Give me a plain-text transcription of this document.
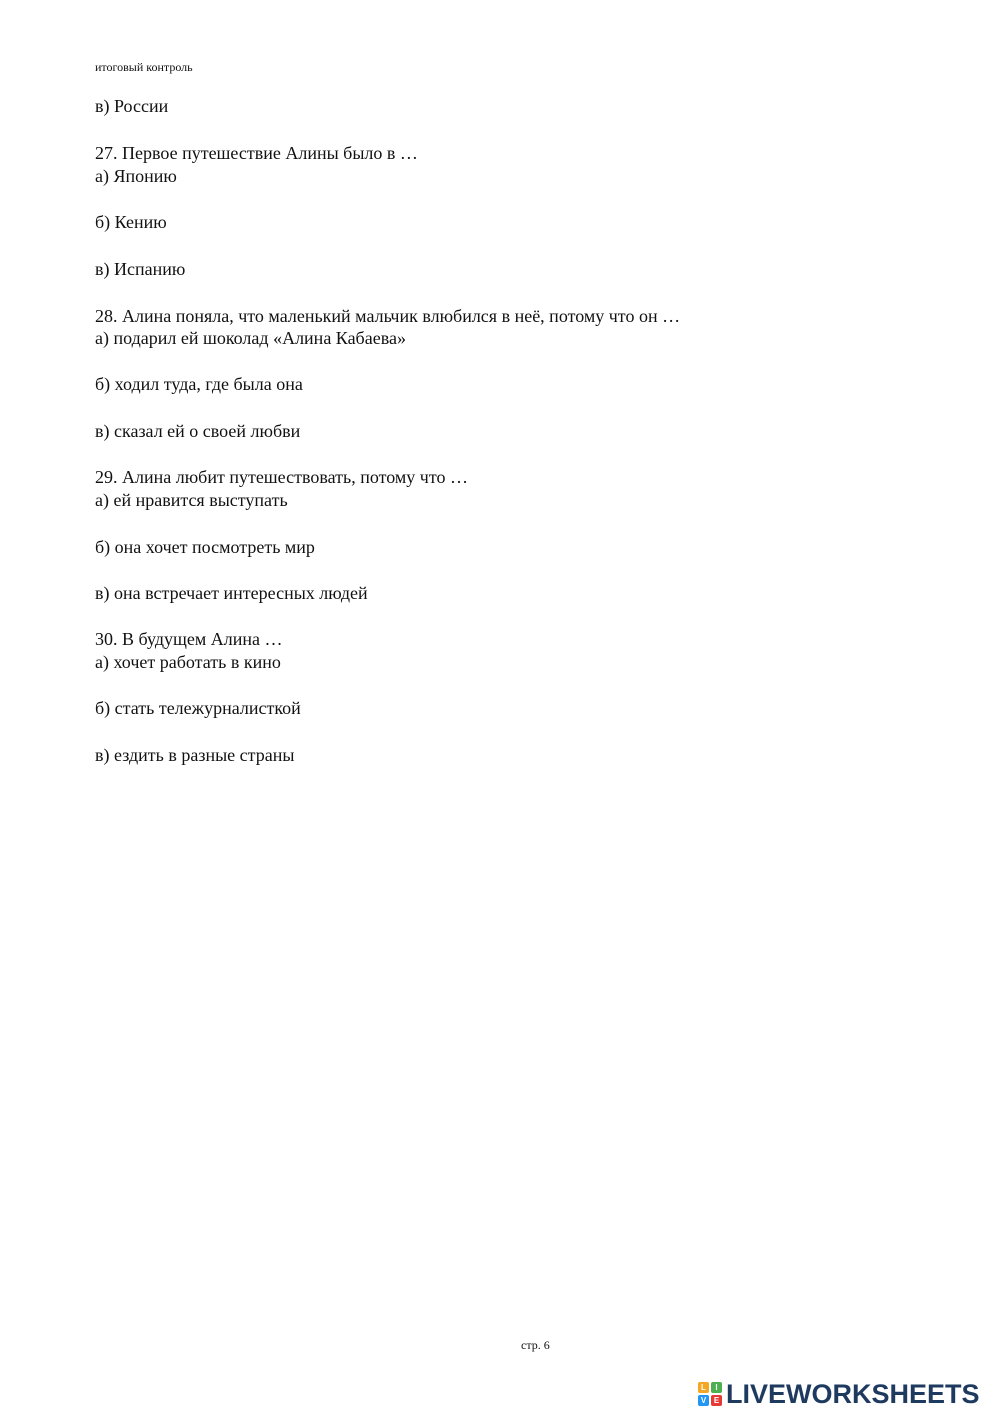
итоговый контроль
в) России
27. Первое путешествие Алины было в …
а) Японию
б) Кению
в) Испанию
28. Алина поняла, что маленький мальчик влюбился в неё, потому что он …
а) подарил ей шоколад «Алина Кабаева»
б) ходил туда, где была она
в) сказал ей о своей любви
29. Алина любит путешествовать, потому что …
а) ей нравится выступать
б) она хочет посмотреть мир
в) она встречает интересных людей
30. В будущем Алина …
а) хочет работать в кино
б) стать тележурналисткой
в) ездить в разные страны
стр. 6
L	I
V E LIVEWORKSHEETS
